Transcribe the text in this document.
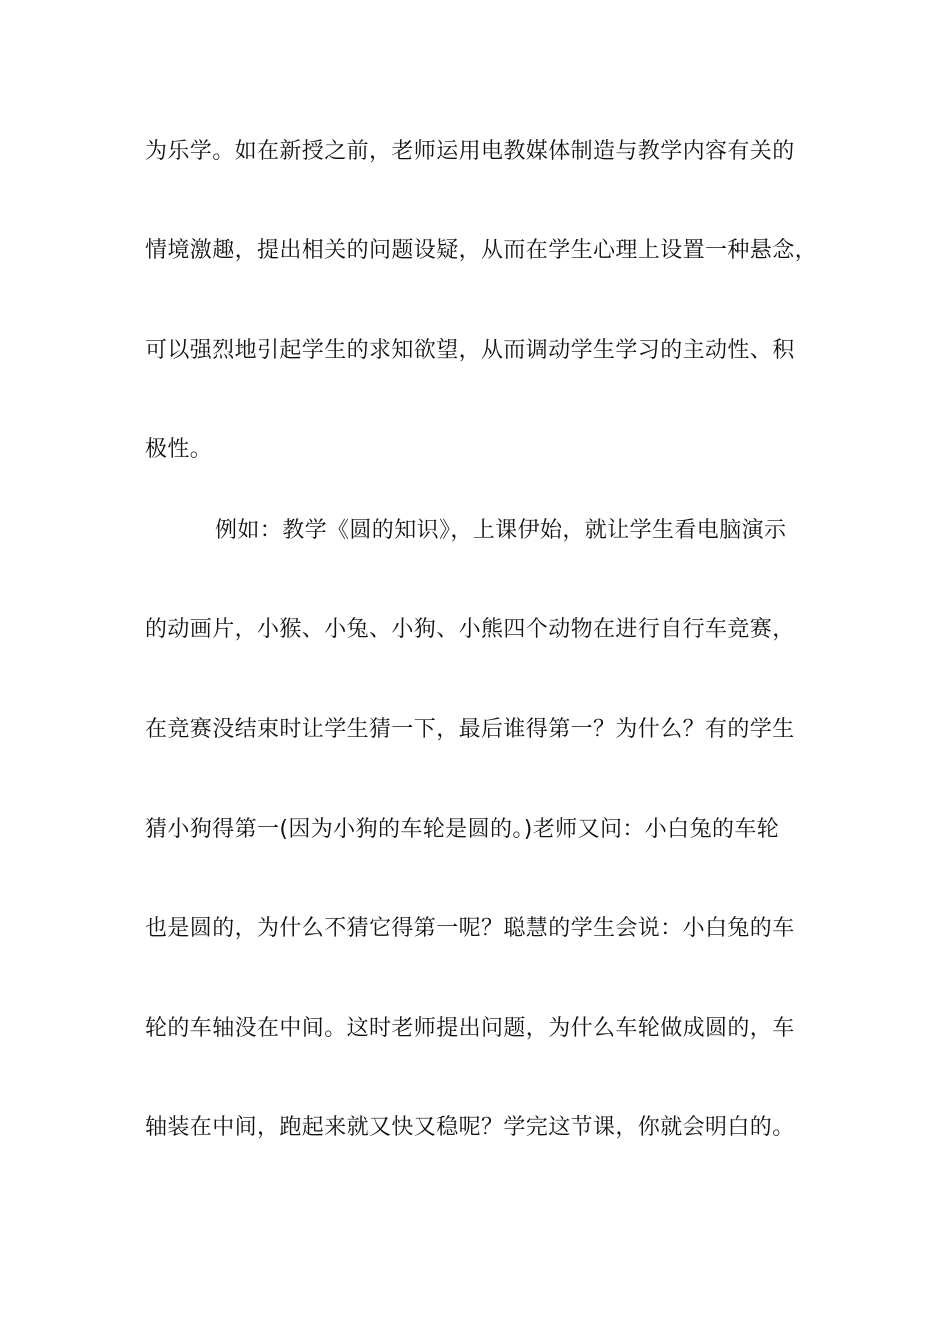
为乐学。如在新授之前，老师运用电教媒体制造与教学内容有关的
情境激趣，提出相关的问题设疑，从而在学生心理上设置一种悬念，
可以强烈地引起学生的求知欲望，从而调动学生学习的主动性、积
极性。
例如：教学《圆的知识》，上课伊始，就让学生看电脑演示
的动画片，小猴、小兔、小狗、小熊四个动物在进行自行车竞赛，
在竞赛没结束时让学生猜一下，最后谁得第一？为什么？有的学生
猜小狗得第一(因为小狗的车轮是圆的。)老师又问：小白兔的车轮
也是圆的，为什么不猜它得第一呢？聪慧的学生会说：小白兔的车
轮的车轴没在中间。这时老师提出问题，为什么车轮做成圆的，车
轴装在中间，跑起来就又快又稳呢？学完这节课，你就会明白的。
